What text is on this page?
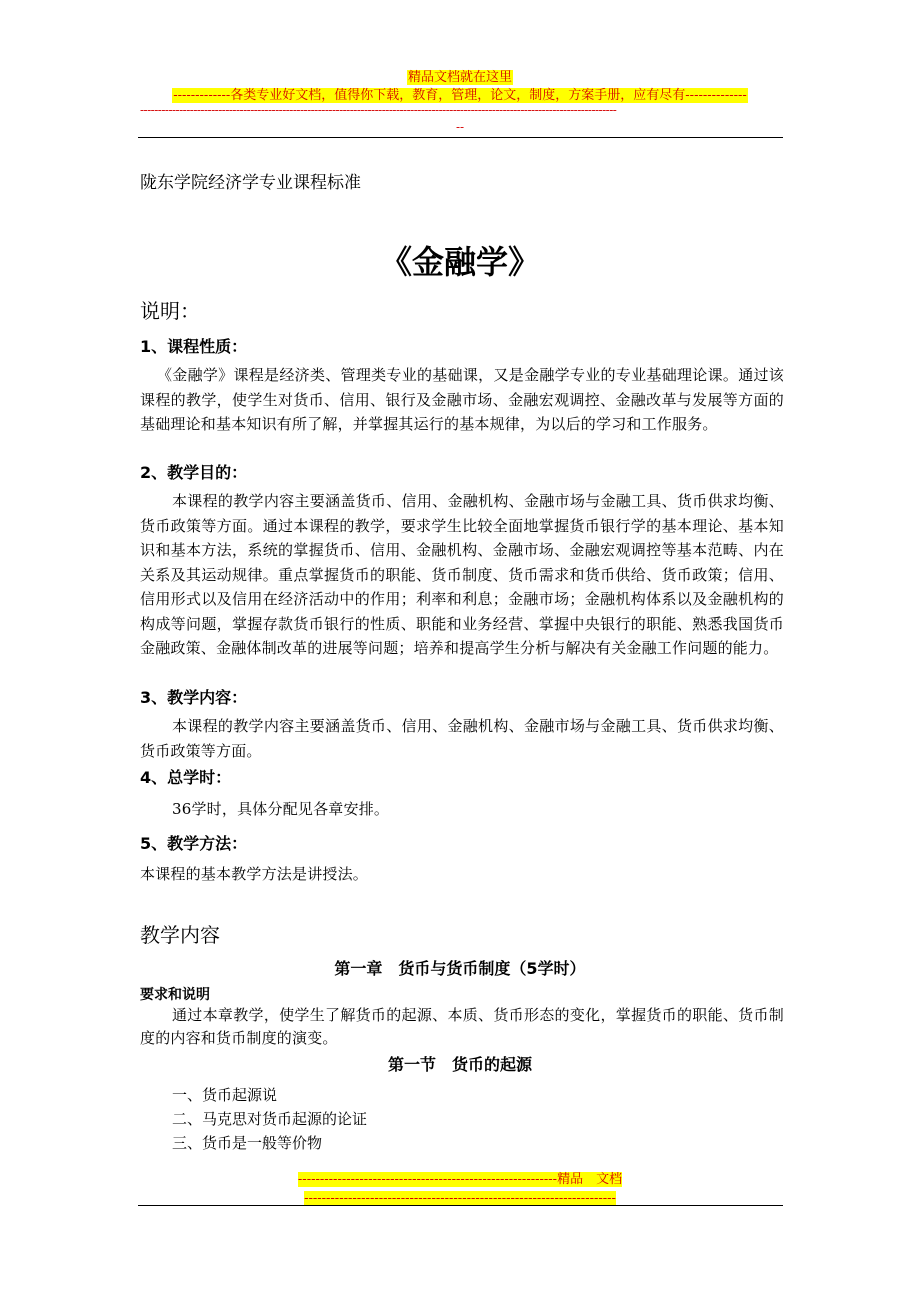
精品文档就在这里
-------------各类专业好文档，值得你下载，教育，管理，论文，制度，方案手册，应有尽有--------------
--------------------------------------------------------------------------------------------------------------------------------------
--
陇东学院经济学专业课程标准
《金融学》
说明：
1、课程性质：
《金融学》课程是经济类、管理类专业的基础课，又是金融学专业的专业基础理论课。通过该课程的教学，使学生对货币、信用、银行及金融市场、金融宏观调控、金融改革与发展等方面的基础理论和基本知识有所了解，并掌握其运行的基本规律，为以后的学习和工作服务。
2、教学目的：
本课程的教学内容主要涵盖货币、信用、金融机构、金融市场与金融工具、货币供求均衡、货币政策等方面。通过本课程的教学，要求学生比较全面地掌握货币银行学的基本理论、基本知识和基本方法，系统的掌握货币、信用、金融机构、金融市场、金融宏观调控等基本范畴、内在关系及其运动规律。重点掌握货币的职能、货币制度、货币需求和货币供给、货币政策；信用、信用形式以及信用在经济活动中的作用；利率和利息；金融市场；金融机构体系以及金融机构的构成等问题，掌握存款货币银行的性质、职能和业务经营、掌握中央银行的职能、熟悉我国货币金融政策、金融体制改革的进展等问题；培养和提高学生分析与解决有关金融工作问题的能力。
3、教学内容：
本课程的教学内容主要涵盖货币、信用、金融机构、金融市场与金融工具、货币供求均衡、货币政策等方面。
4、总学时：
36学时，具体分配见各章安排。
5、教学方法：
本课程的基本教学方法是讲授法。
教学内容
第一章　货币与货币制度（5学时）
要求和说明
通过本章教学，使学生了解货币的起源、本质、货币形态的变化，掌握货币的职能、货币制度的内容和货币制度的演变。
第一节　货币的起源
一、货币起源说
二、马克思对货币起源的论证
三、货币是一般等价物
-----------------------------------------------------------精品　文档
-----------------------------------------------------------------------
